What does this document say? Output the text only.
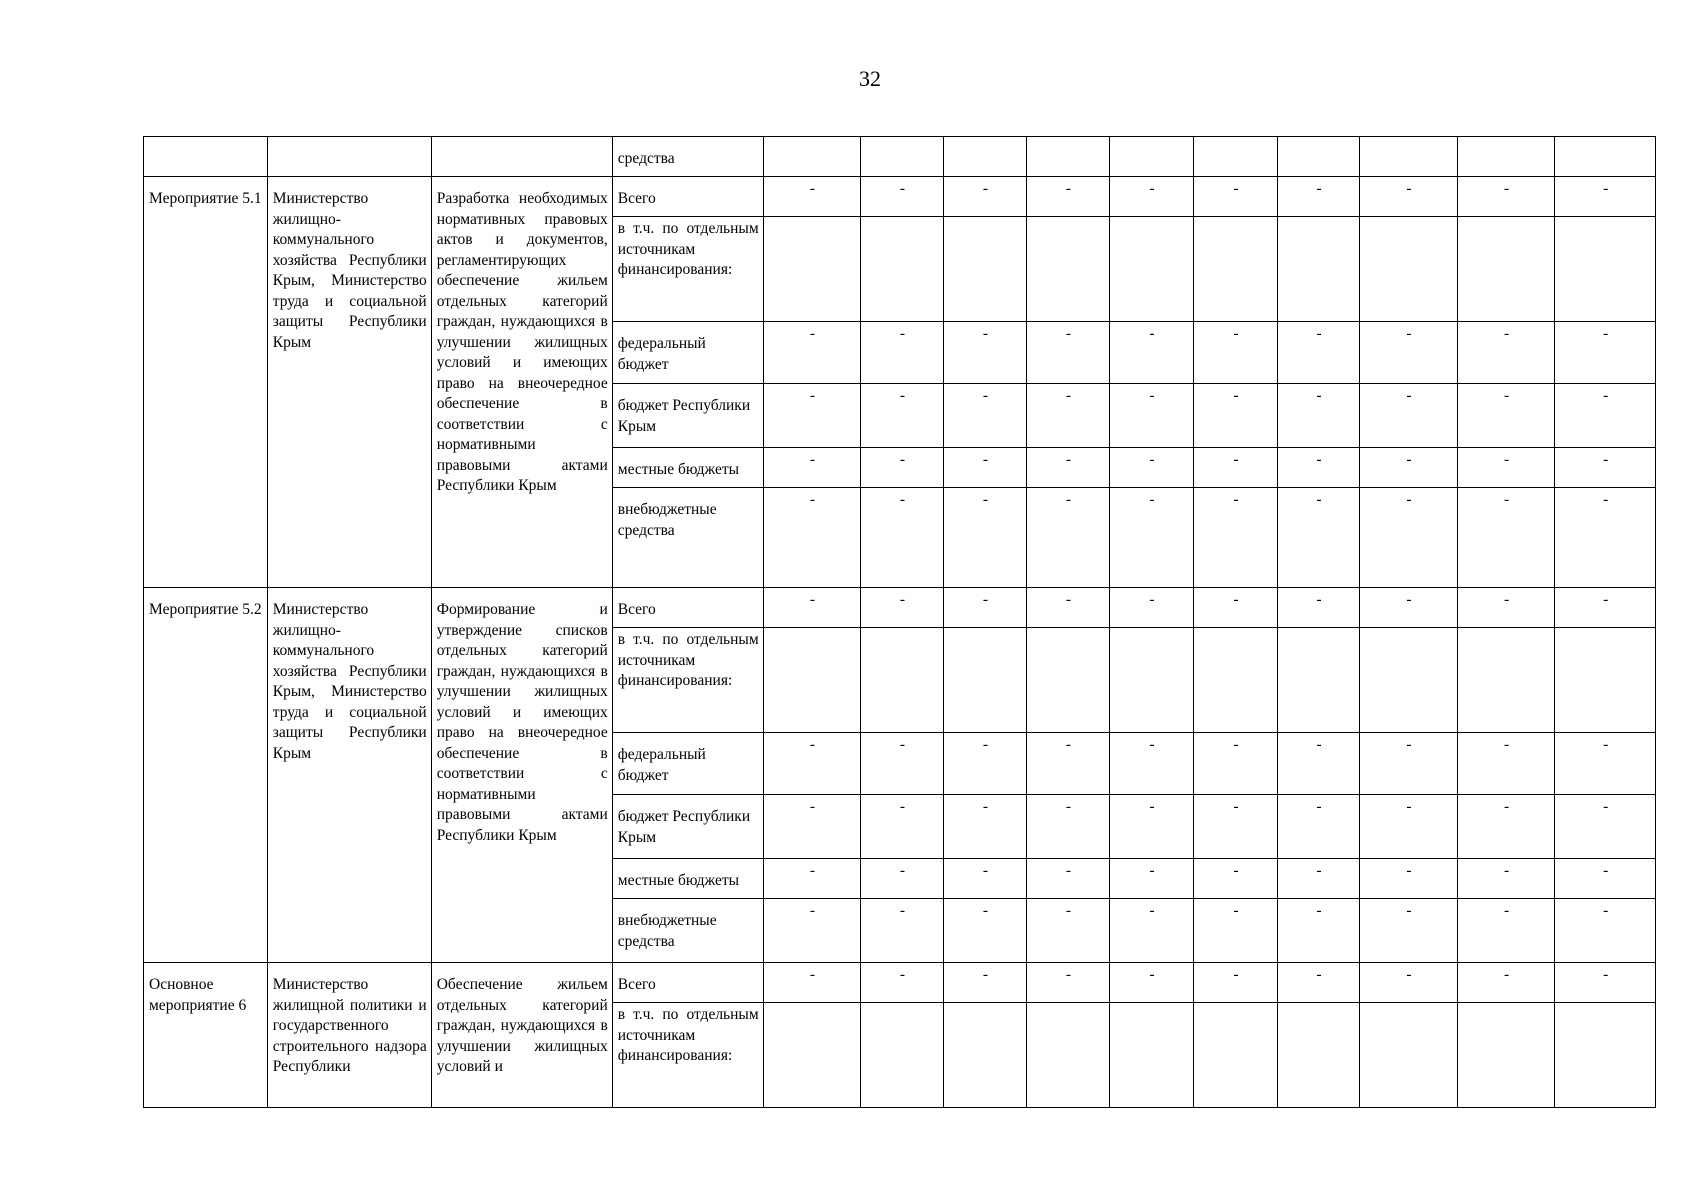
32
			средства										
Мероприятие 5.1	Министерство жилищно-коммунального хозяйства Республики Крым, Министерство труда и социальной защиты Республики Крым	Разработка необходимых нормативных правовых актов и документов, регламентирующих обеспечение жильем отдельных категорий граждан, нуждающихся в улучшении жилищных условий и имеющих право на внеочередное обеспечение в соответствии с нормативными правовыми актами Республики Крым	Всего	-	-	-	-	-	-	-	-	-	-
			в т.ч. по отдельным источникам финансирования:										
			федеральный бюджет	-	-	-	-	-	-	-	-	-	-
			бюджет Республики Крым	-	-	-	-	-	-	-	-	-	-
			местные бюджеты	-	-	-	-	-	-	-	-	-	-
			внебюджетные средства	-	-	-	-	-	-	-	-	-	-
Мероприятие 5.2	Министерство жилищно-коммунального хозяйства Республики Крым, Министерство труда и социальной защиты Республики Крым	Формирование и утверждение списков отдельных категорий граждан, нуждающихся в улучшении жилищных условий и имеющих право на внеочередное обеспечение в соответствии с нормативными правовыми актами Республики Крым	Всего	-	-	-	-	-	-	-	-	-	-
			в т.ч. по отдельным источникам финансирования:										
			федеральный бюджет	-	-	-	-	-	-	-	-	-	-
			бюджет Республики Крым	-	-	-	-	-	-	-	-	-	-
			местные бюджеты	-	-	-	-	-	-	-	-	-	-
			внебюджетные средства	-	-	-	-	-	-	-	-	-	-
Основное мероприятие 6	Министерство жилищной политики и государственного строительного надзора Республики	Обеспечение жильем отдельных категорий граждан, нуждающихся в улучшении жилищных условий и	Всего	-	-	-	-	-	-	-	-	-	-
			в т.ч. по отдельным источникам финансирования:										
